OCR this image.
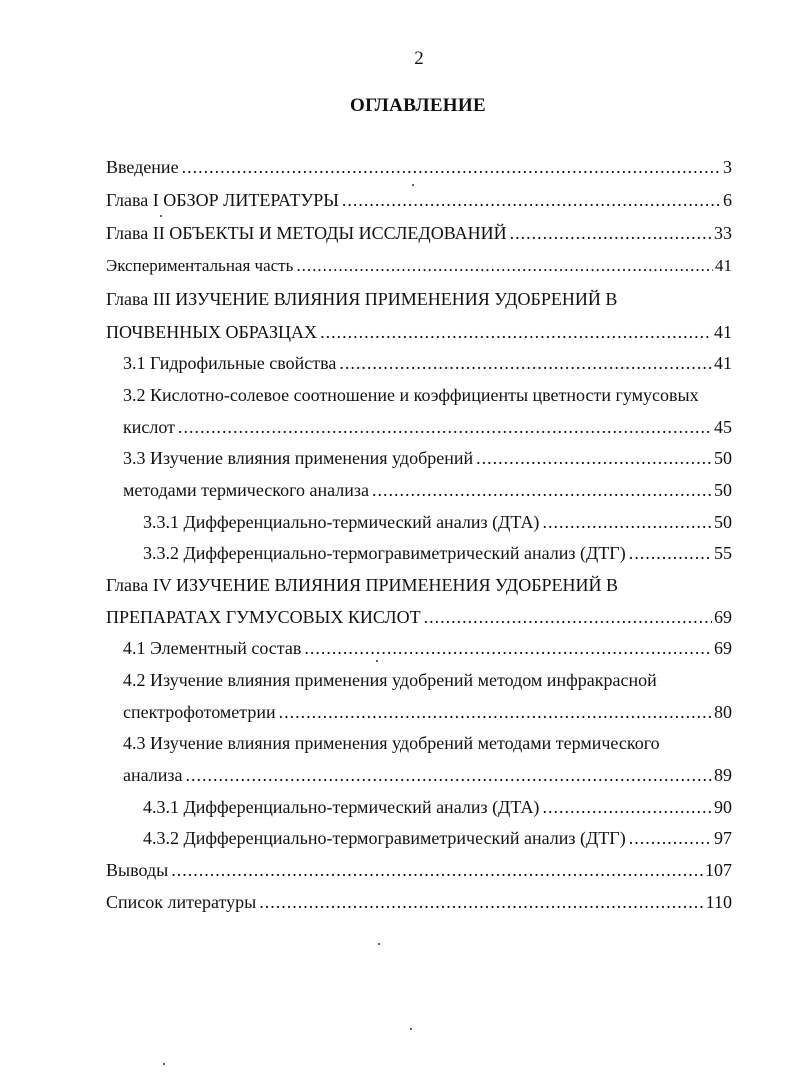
2
ОГЛАВЛЕНИЕ
Введение .....	3
Глава I ОБЗОР ЛИТЕРАТУРЫ .....	6
Глава II ОБЪЕКТЫ И МЕТОДЫ ИССЛЕДОВАНИЙ .....	33
Экспериментальная часть .....	41
Глава III ИЗУЧЕНИЕ ВЛИЯНИЯ ПРИМЕНЕНИЯ УДОБРЕНИЙ В
ПОЧВЕННЫХ ОБРАЗЦАХ .....	41
3.1 Гидрофильные свойства .....	41
3.2 Кислотно-солевое соотношение и коэффициенты цветности гумусовых
кислот .....	45
3.3 Изучение влияния применения удобрений .....	50
методами термического анализа .....	50
3.3.1 Дифференциально-термический анализ (ДТА) .....	50
3.3.2 Дифференциально-термогравиметрический анализ (ДТГ) .....	55
Глава IV ИЗУЧЕНИЕ ВЛИЯНИЯ ПРИМЕНЕНИЯ УДОБРЕНИЙ В
ПРЕПАРАТАХ ГУМУСОВЫХ КИСЛОТ .....	69
4.1 Элементный состав .....	69
4.2 Изучение влияния применения удобрений методом инфракрасной
спектрофотометрии .....	80
4.3 Изучение влияния применения удобрений методами термического
анализа .....	89
4.3.1 Дифференциально-термический анализ (ДТА) .....	90
4.3.2 Дифференциально-термогравиметрический анализ (ДТГ) .....	97
Выводы .....	107
Список литературы .....	110
